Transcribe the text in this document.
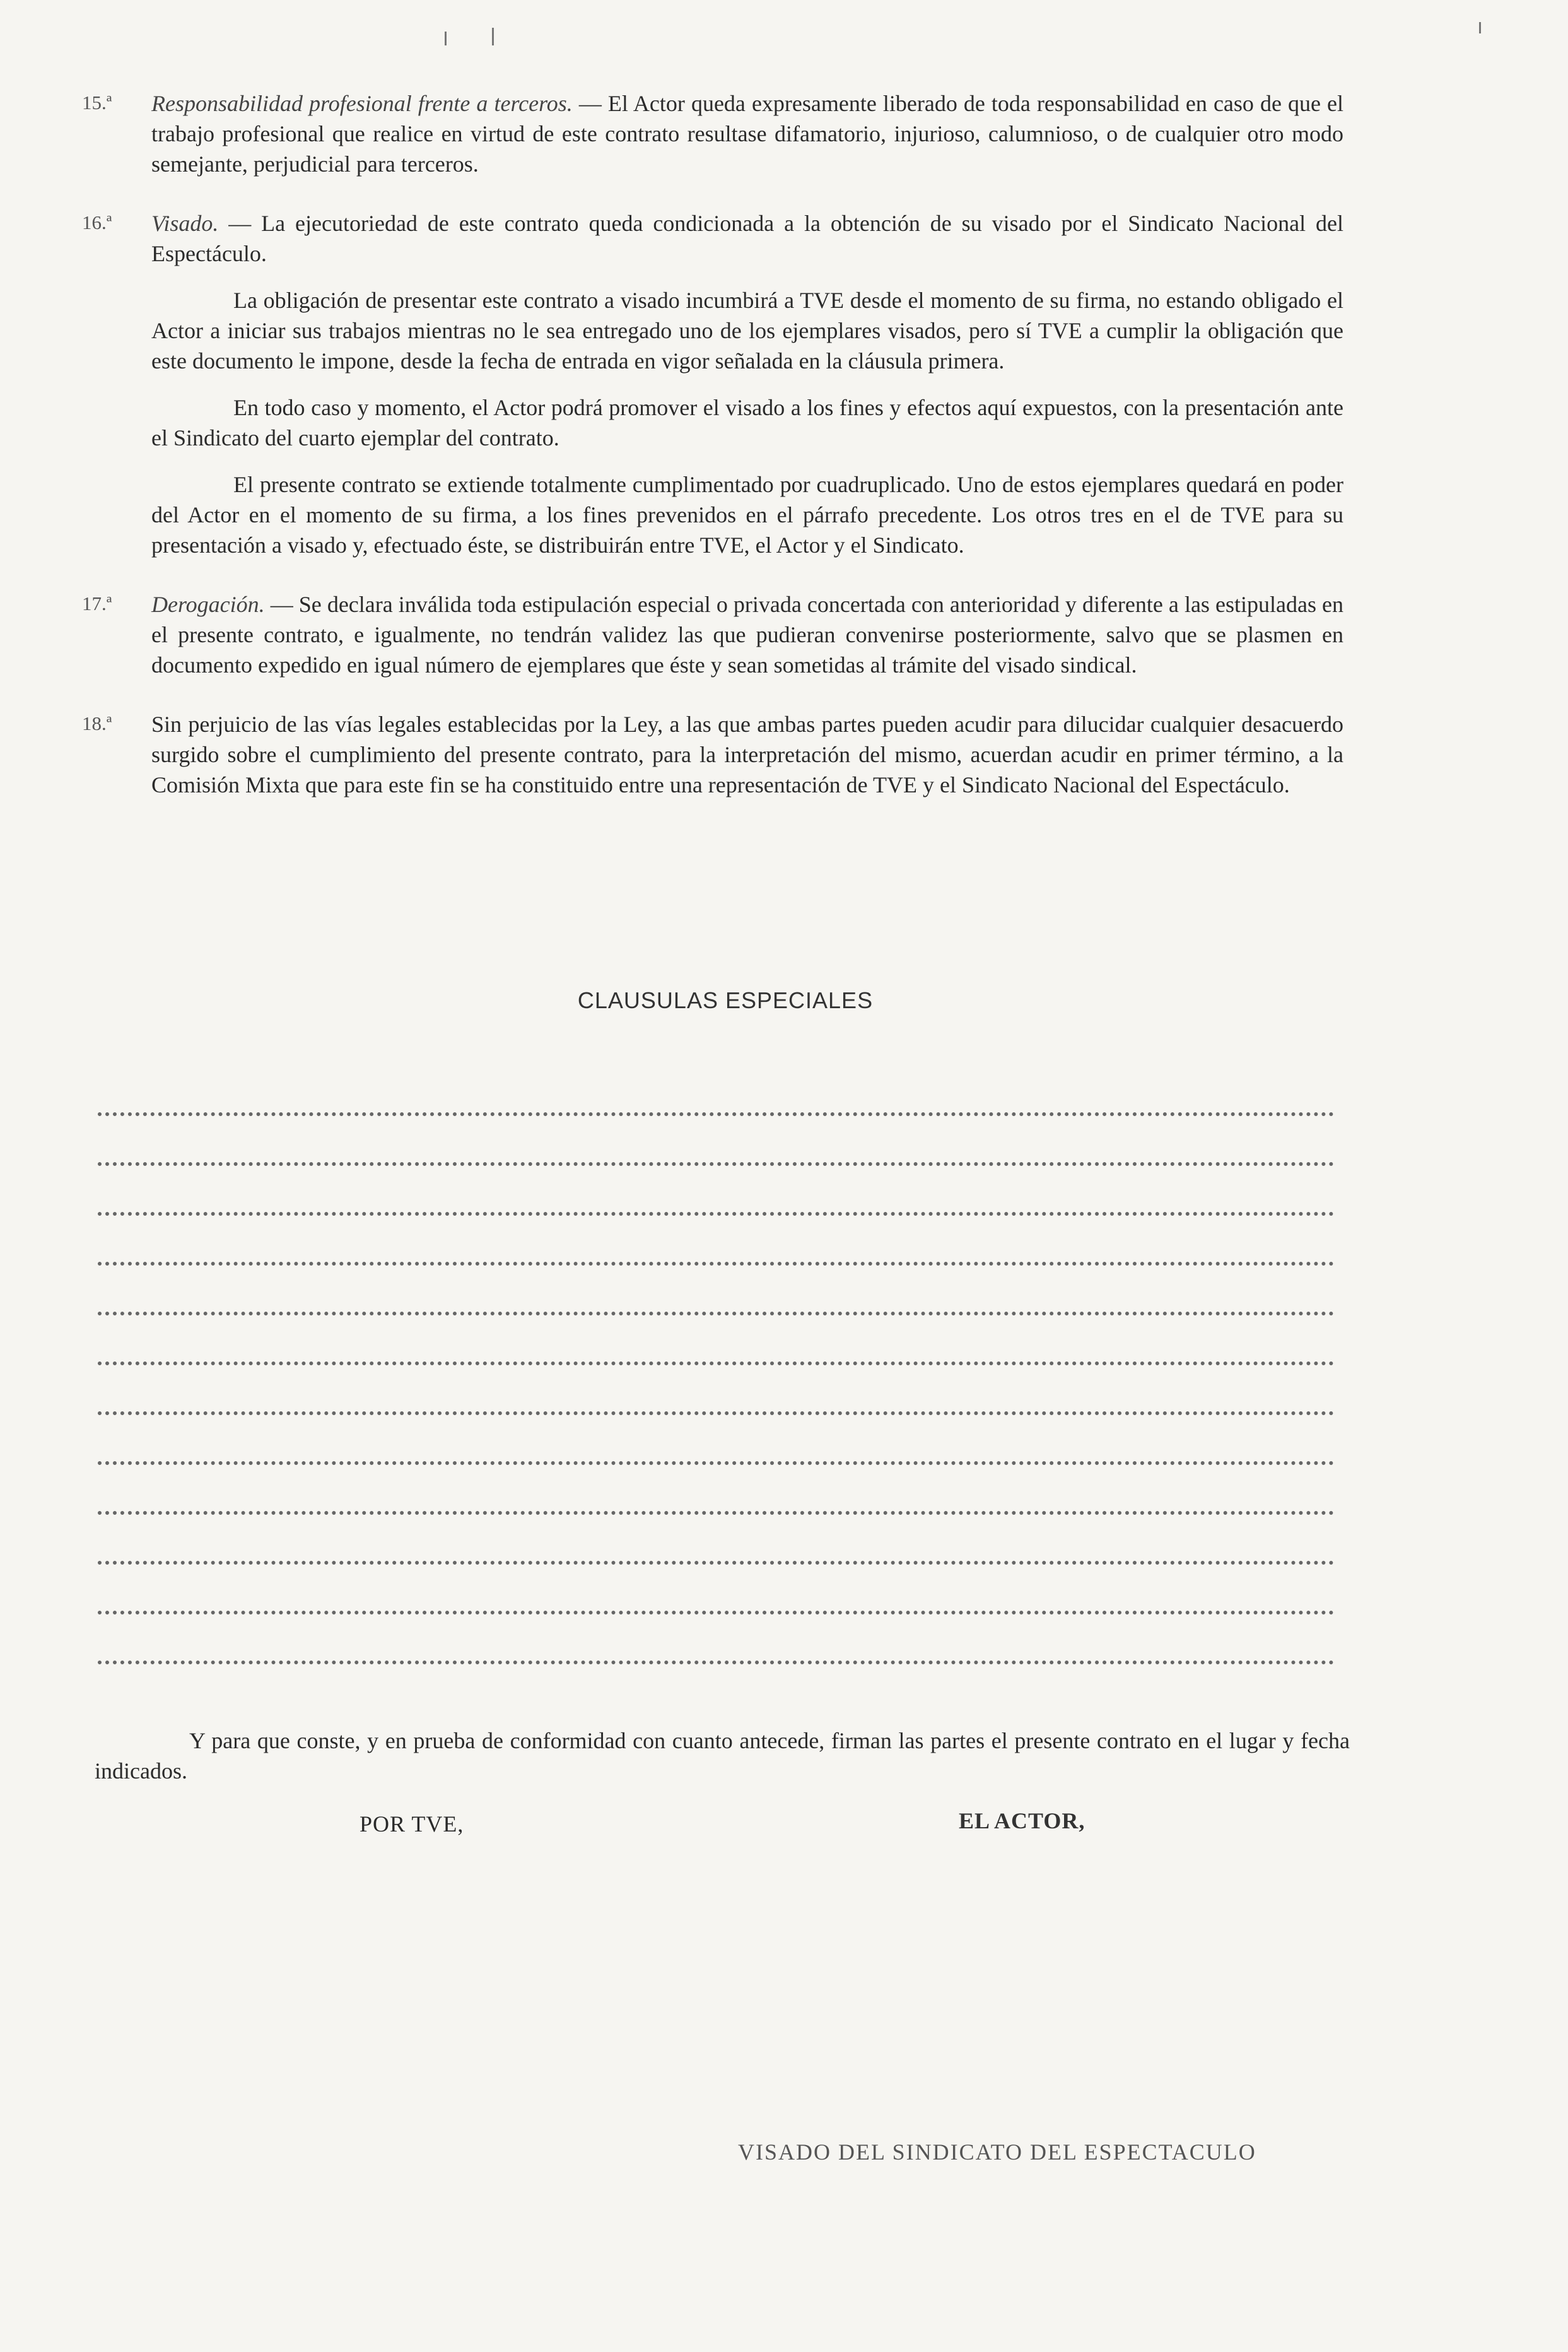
15.ª	Responsabilidad profesional frente a terceros. — El Actor queda expresamente liberado de toda responsabilidad en caso de que el trabajo profesional que realice en virtud de este contrato resultase difamatorio, injurioso, calumnioso, o de cualquier otro modo semejante, perjudicial para terceros.

16.ª	Visado. — La ejecutoriedad de este contrato queda condicionada a la obtención de su visado por el Sindicato Nacional del Espectáculo.

La obligación de presentar este contrato a visado incumbirá a TVE desde el momento de su firma, no estando obligado el Actor a iniciar sus trabajos mientras no le sea entregado uno de los ejemplares visados, pero sí TVE a cumplir la obligación que este documento le impone, desde la fecha de entrada en vigor señalada en la cláusula primera.

En todo caso y momento, el Actor podrá promover el visado a los fines y efectos aquí expuestos, con la presentación ante el Sindicato del cuarto ejemplar del contrato.

El presente contrato se extiende totalmente cumplimentado por cuadruplicado. Uno de estos ejemplares quedará en poder del Actor en el momento de su firma, a los fines prevenidos en el párrafo precedente. Los otros tres en el de TVE para su presentación a visado y, efectuado éste, se distribuirán entre TVE, el Actor y el Sindicato.

17.ª	Derogación. — Se declara inválida toda estipulación especial o privada concertada con anterioridad y diferente a las estipuladas en el presente contrato, e igualmente, no tendrán validez las que pudieran convenirse posteriormente, salvo que se plasmen en documento expedido en igual número de ejemplares que éste y sean sometidas al trámite del visado sindical.

18.ª	Sin perjuicio de las vías legales establecidas por la Ley, a las que ambas partes pueden acudir para dilucidar cualquier desacuerdo surgido sobre el cumplimiento del presente contrato, para la interpretación del mismo, acuerdan acudir en primer término, a la Comisión Mixta que para este fin se ha constituido entre una representación de TVE y el Sindicato Nacional del Espectáculo.

CLAUSULAS ESPECIALES

Y para que conste, y en prueba de conformidad con cuanto antecede, firman las partes el presente contrato en el lugar y fecha indicados.

POR TVE,	EL ACTOR,
VISADO DEL SINDICATO DEL ESPECTACULO
